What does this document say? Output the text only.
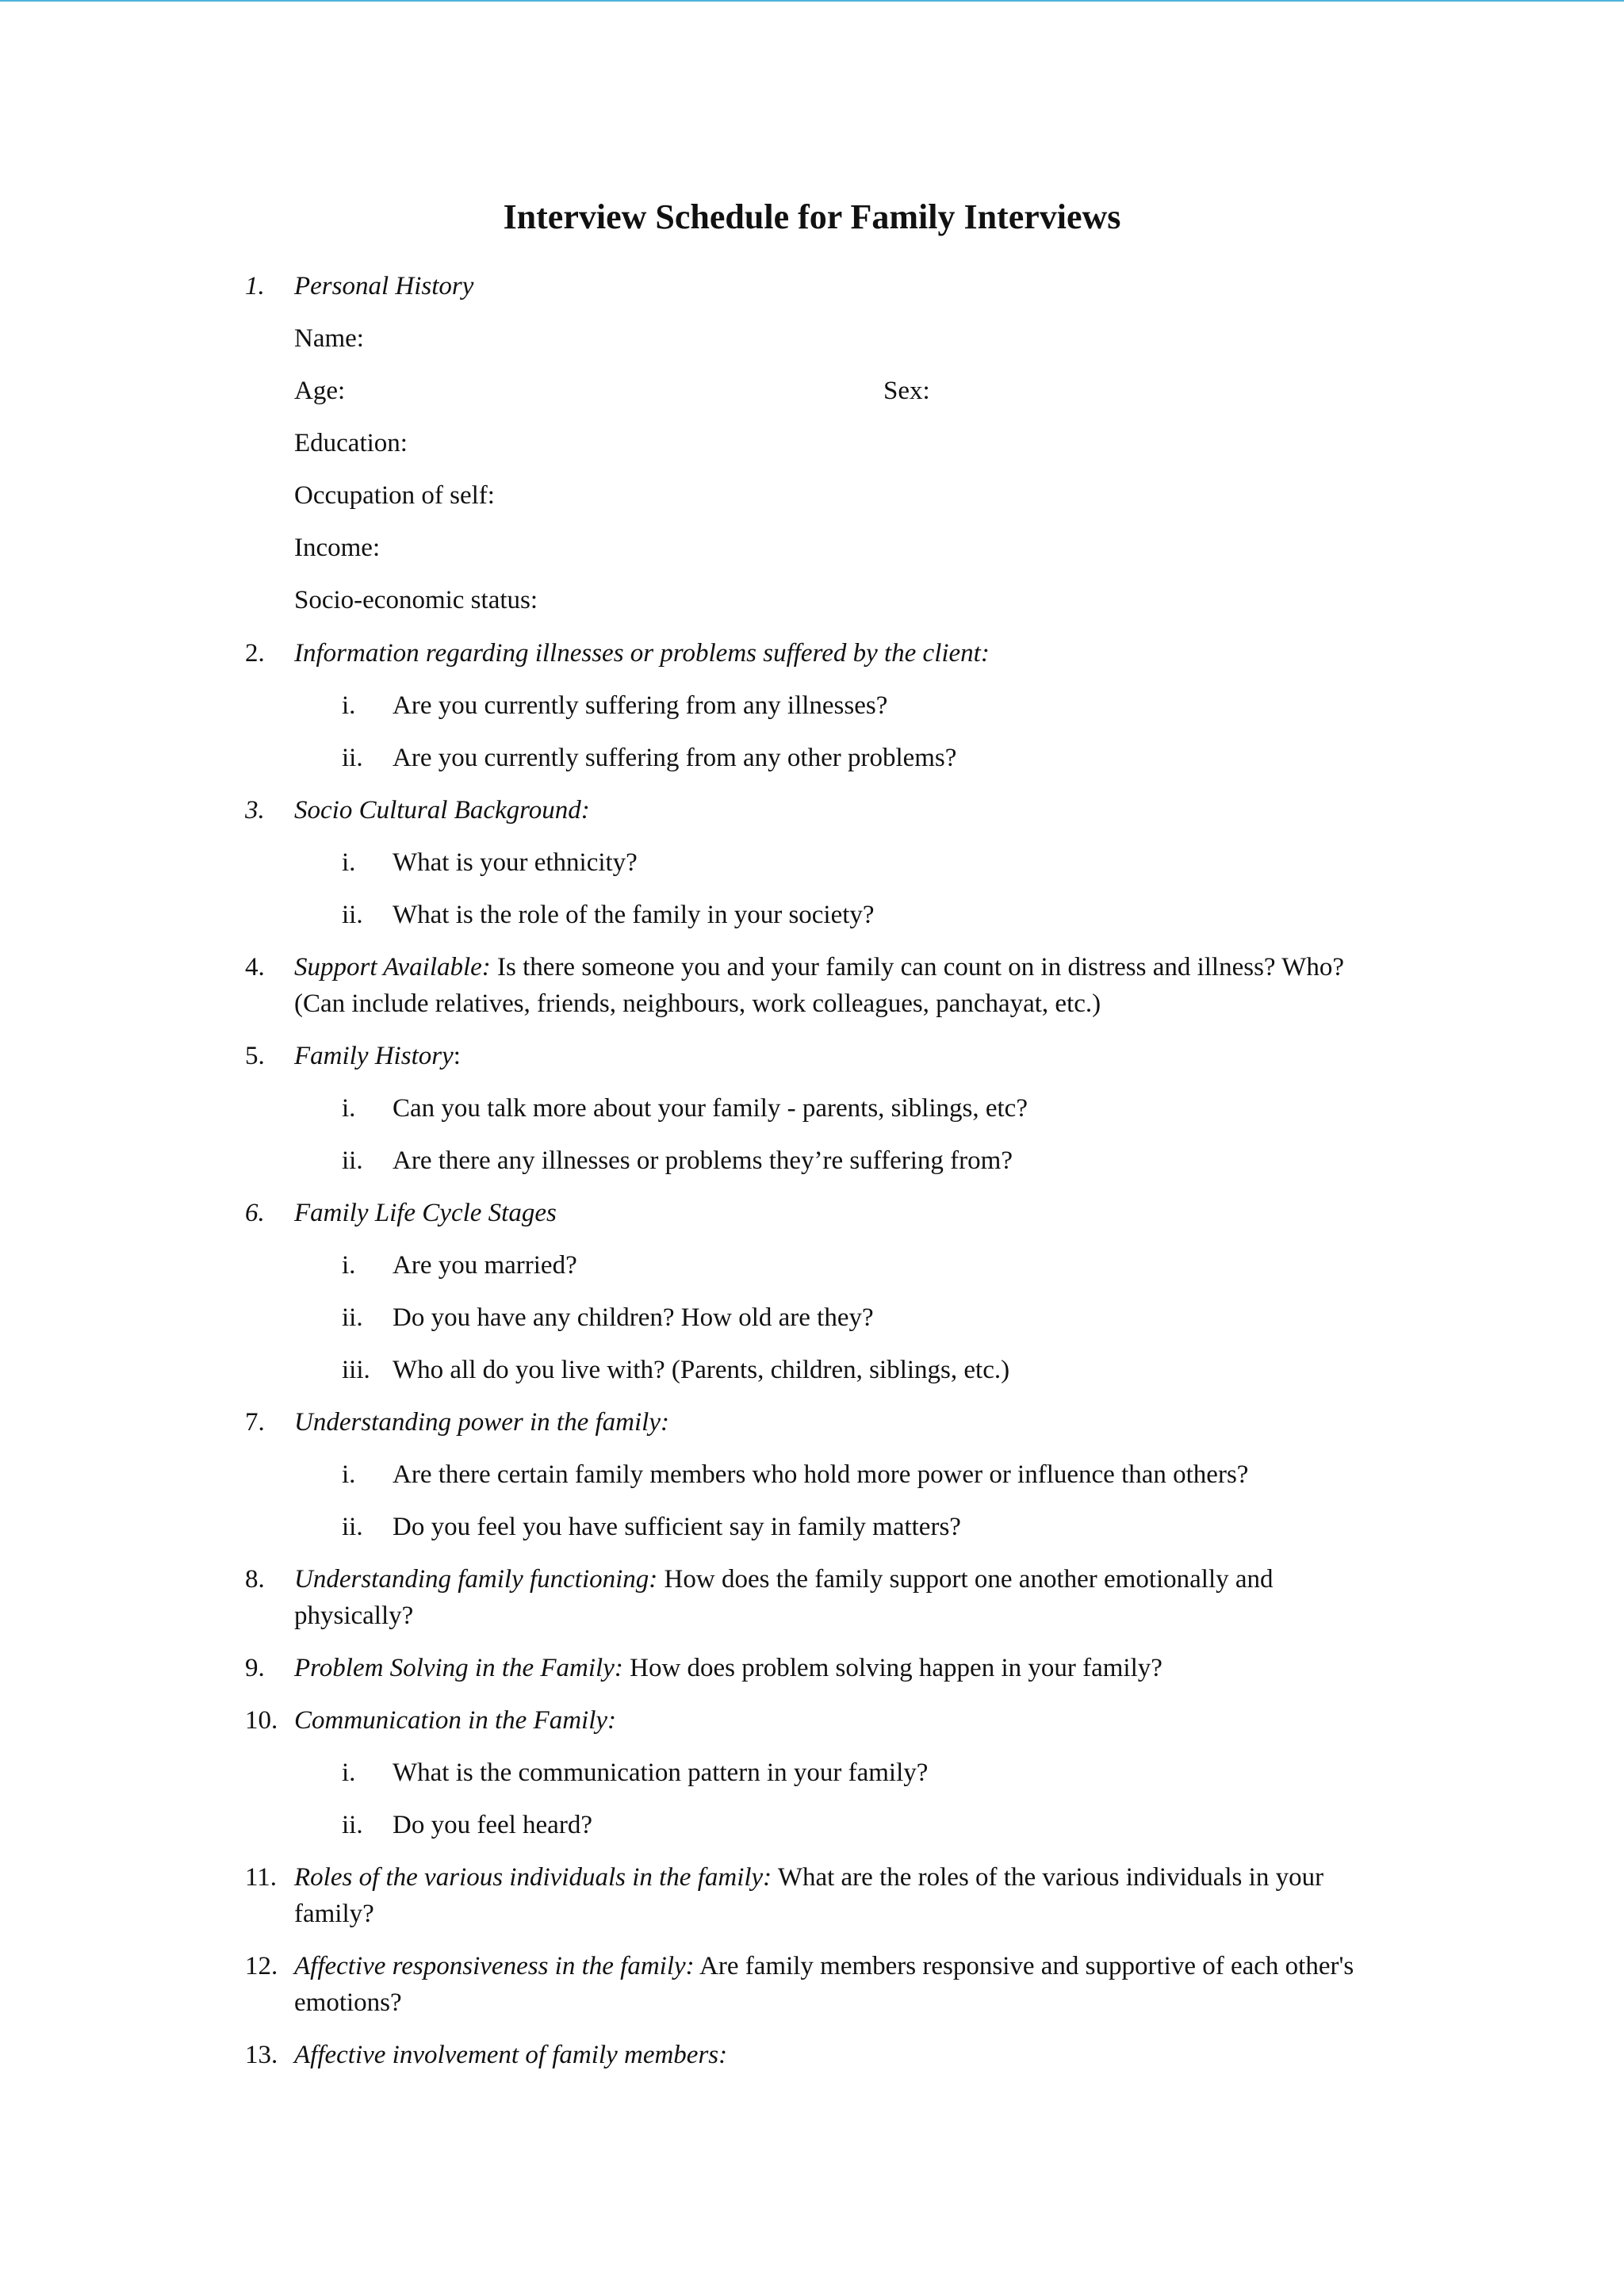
Interview Schedule for Family Interviews
1. Personal History
Name:
Age:	Sex:
Education:
Occupation of self:
Income:
Socio-economic status:
2. Information regarding illnesses or problems suffered by the client:
i. Are you currently suffering from any illnesses?
ii. Are you currently suffering from any other problems?
3. Socio Cultural Background:
i. What is your ethnicity?
ii. What is the role of the family in your society?
4. Support Available: Is there someone you and your family can count on in distress and illness? Who?
(Can include relatives, friends, neighbours, work colleagues, panchayat, etc.)
5. Family History:
i. Can you talk more about your family - parents, siblings, etc?
ii. Are there any illnesses or problems they’re suffering from?
6. Family Life Cycle Stages
i. Are you married?
ii. Do you have any children? How old are they?
iii. Who all do you live with? (Parents, children, siblings, etc.)
7. Understanding power in the family:
i. Are there certain family members who hold more power or influence than others?
ii. Do you feel you have sufficient say in family matters?
8. Understanding family functioning: How does the family support one another emotionally and
physically?
9. Problem Solving in the Family: How does problem solving happen in your family?
10. Communication in the Family:
i. What is the communication pattern in your family?
ii. Do you feel heard?
11. Roles of the various individuals in the family: What are the roles of the various individuals in your
family?
12. Affective responsiveness in the family: Are family members responsive and supportive of each other's
emotions?
13. Affective involvement of family members:
